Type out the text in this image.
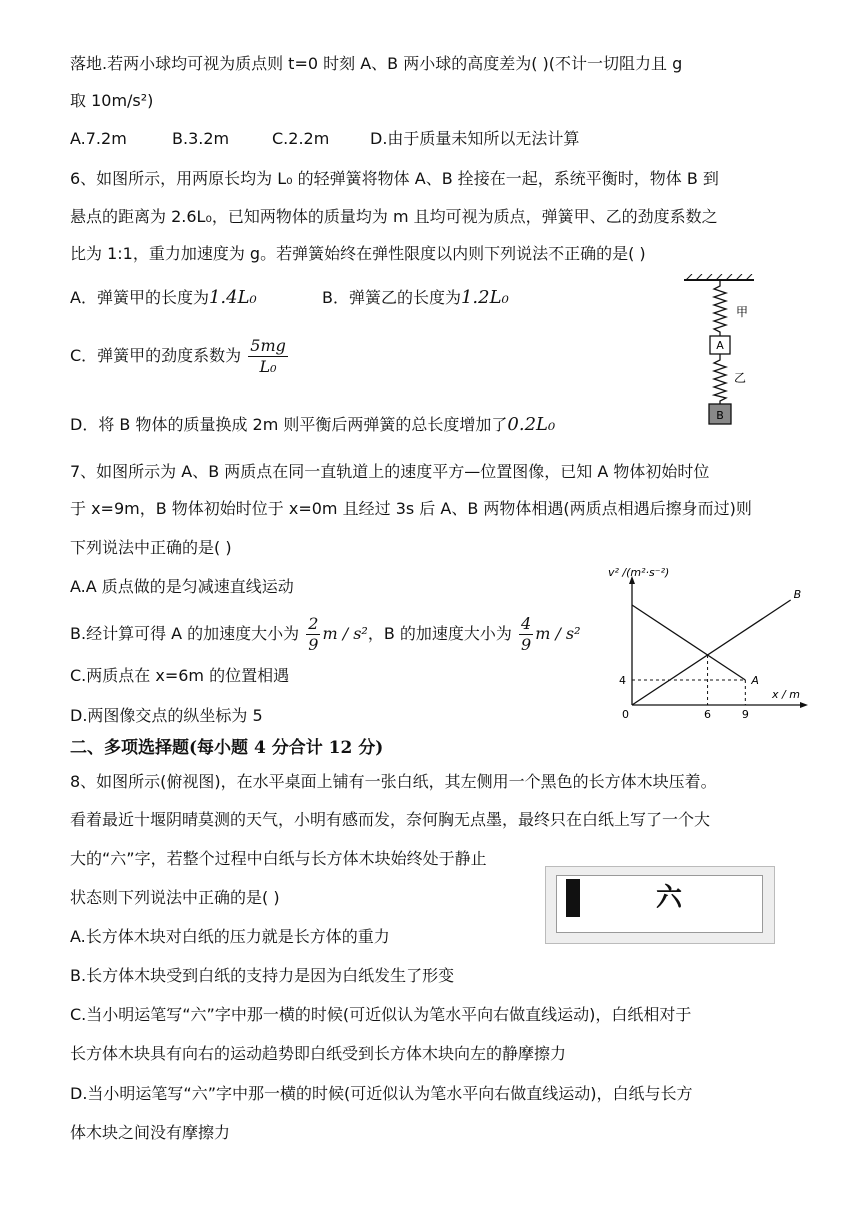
落地.若两小球均可视为质点则 t=0 时刻 A、B 两小球的高度差为( )(不计一切阻力且 g
取 10m/s²)
A.7.2m	B.3.2m	C.2.2m	D.由于质量未知所以无法计算
6、如图所示，用两原长均为 L₀ 的轻弹簧将物体 A、B 拴接在一起，系统平衡时，物体 B 到
悬点的距离为 2.6L₀，已知两物体的质量均为 m 且均可视为质点，弹簧甲、乙的劲度系数之
比为 1:1，重力加速度为 g。若弹簧始终在弹性限度以内则下列说法不正确的是( )
A．弹簧甲的长度为1.4L₀	B．弹簧乙的长度为1.2L₀
C．弹簧甲的劲度系数为 $\frac{5mg}{\text{L₀}}$
D．将 B 物体的质量换成 2m 则平衡后两弹簧的总长度增加了0.2L₀
甲
A
乙
B
7、如图所示为 A、B 两质点在同一直轨道上的速度平方—位置图像，已知 A 物体初始时位
于 x=9m，B 物体初始时位于 x=0m 且经过 3s 后 A、B 两物体相遇(两质点相遇后擦身而过)则
下列说法中正确的是( )
A.A 质点做的是匀减速直线运动
B.经计算可得 A 的加速度大小为 $\frac{2}{9}$ m / s²，B 的加速度大小为 $\frac{4}{9}$ m / s²
C.两质点在 x=6m 的位置相遇
D.两图像交点的纵坐标为 5
v² /(m²·s⁻²)
x / m
0
A
B
6	9
4
二、多项选择题(每小题 4 分合计 12 分)
8、如图所示(俯视图)，在水平桌面上铺有一张白纸，其左侧用一个黑色的长方体木块压着。
看着最近十堰阴晴莫测的天气，小明有感而发，奈何胸无点墨，最终只在白纸上写了一个大
大的“六”字，若整个过程中白纸与长方体木块始终处于静止
状态则下列说法中正确的是( )	六
A.长方体木块对白纸的压力就是长方体的重力
B.长方体木块受到白纸的支持力是因为白纸发生了形变
C.当小明运笔写“六”字中那一横的时候(可近似认为笔水平向右做直线运动)，白纸相对于
长方体木块具有向右的运动趋势即白纸受到长方体木块向左的静摩擦力
D.当小明运笔写“六”字中那一横的时候(可近似认为笔水平向右做直线运动)，白纸与长方
体木块之间没有摩擦力
